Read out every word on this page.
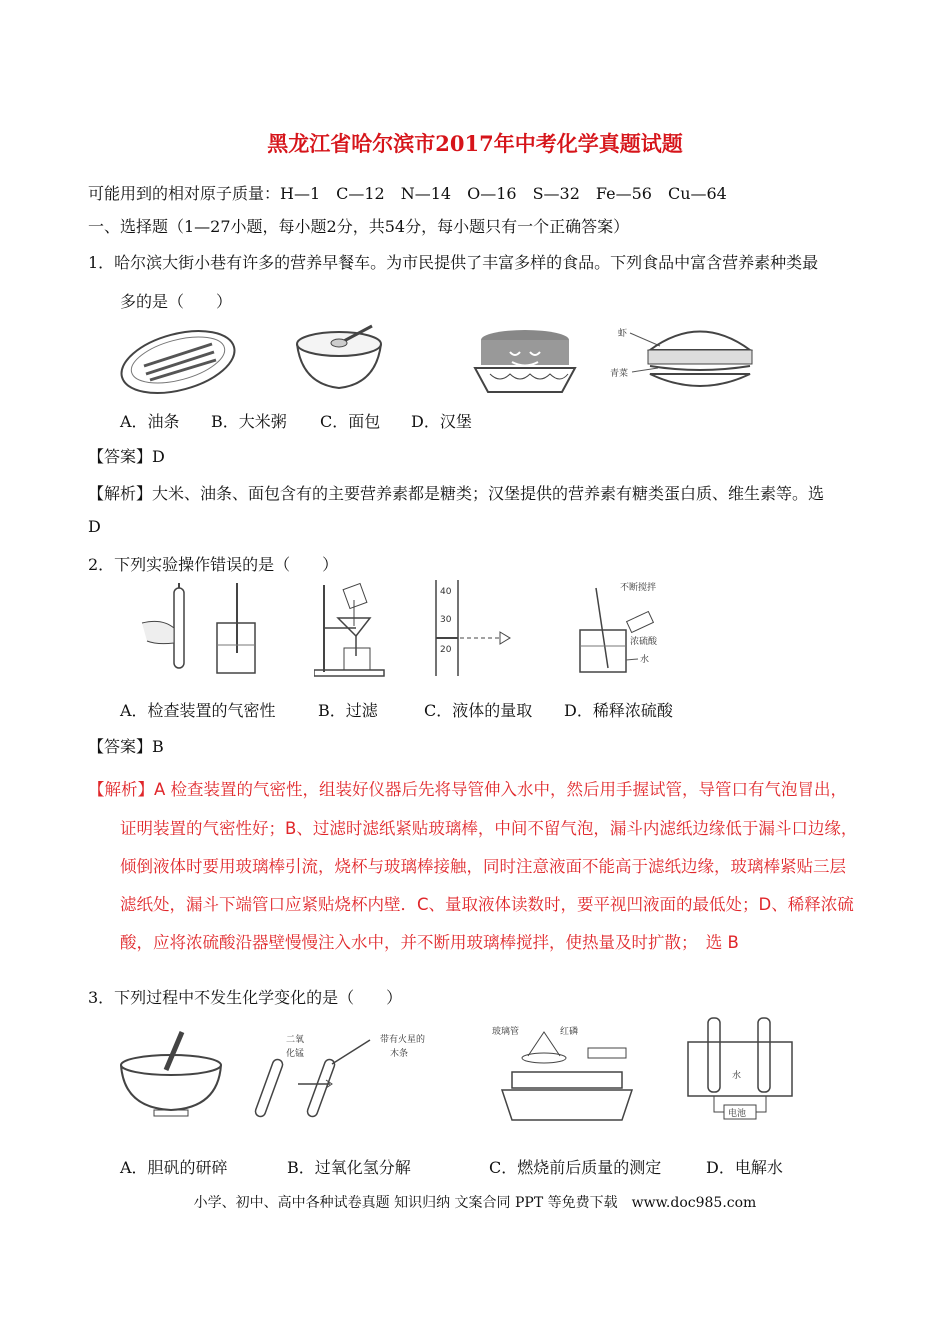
黑龙江省哈尔滨市2017年中考化学真题试题
可能用到的相对原子质量：H—1　C—12　N—14　O—16　S—32　Fe—56　Cu—64
一、选择题（1—27小题，每小题2分，共54分，每小题只有一个正确答案）
1．哈尔滨大街小巷有许多的营养早餐车。为市民提供了丰富多样的食品。下列食品中富含营养素种类最
多的是（　　）
虾
青菜
A．油条 B．大米粥 C．面包 D．汉堡
【答案】D
【解析】大米、油条、面包含有的主要营养素都是糖类；汉堡提供的营养素有糖类蛋白质、维生素等。选
D
2．下列实验操作错误的是（　　）
40
30
20
不断搅拌
浓硫酸
水
A．检查装置的气密性	B．过滤	C．液体的量取 D．稀释浓硫酸
【答案】B
【解析】A 检查装置的气密性，组装好仪器后先将导管伸入水中，然后用手握试管，导管口有气泡冒出，
证明装置的气密性好；B、过滤时滤纸紧贴玻璃棒，中间不留气泡，漏斗内滤纸边缘低于漏斗口边缘，
倾倒液体时要用玻璃棒引流，烧杯与玻璃棒接触，同时注意液面不能高于滤纸边缘，玻璃棒紧贴三层
滤纸处，漏斗下端管口应紧贴烧杯内壁．C、量取液体读数时，要平视凹液面的最低处；D、稀释浓硫
酸，应将浓硫酸沿器壁慢慢注入水中，并不断用玻璃棒搅拌，使热量及时扩散；　选 B
3．下列过程中不发生化学变化的是（　　）
二氧
化锰
带有火星的
木条
玻璃管	红磷
水
电池
A．胆矾的研碎	B．过氧化氢分解	C．燃烧前后质量的测定	D．电解水
小学、初中、高中各种试卷真题 知识归纳 文案合同 PPT 等免费下载　www.doc985.com
